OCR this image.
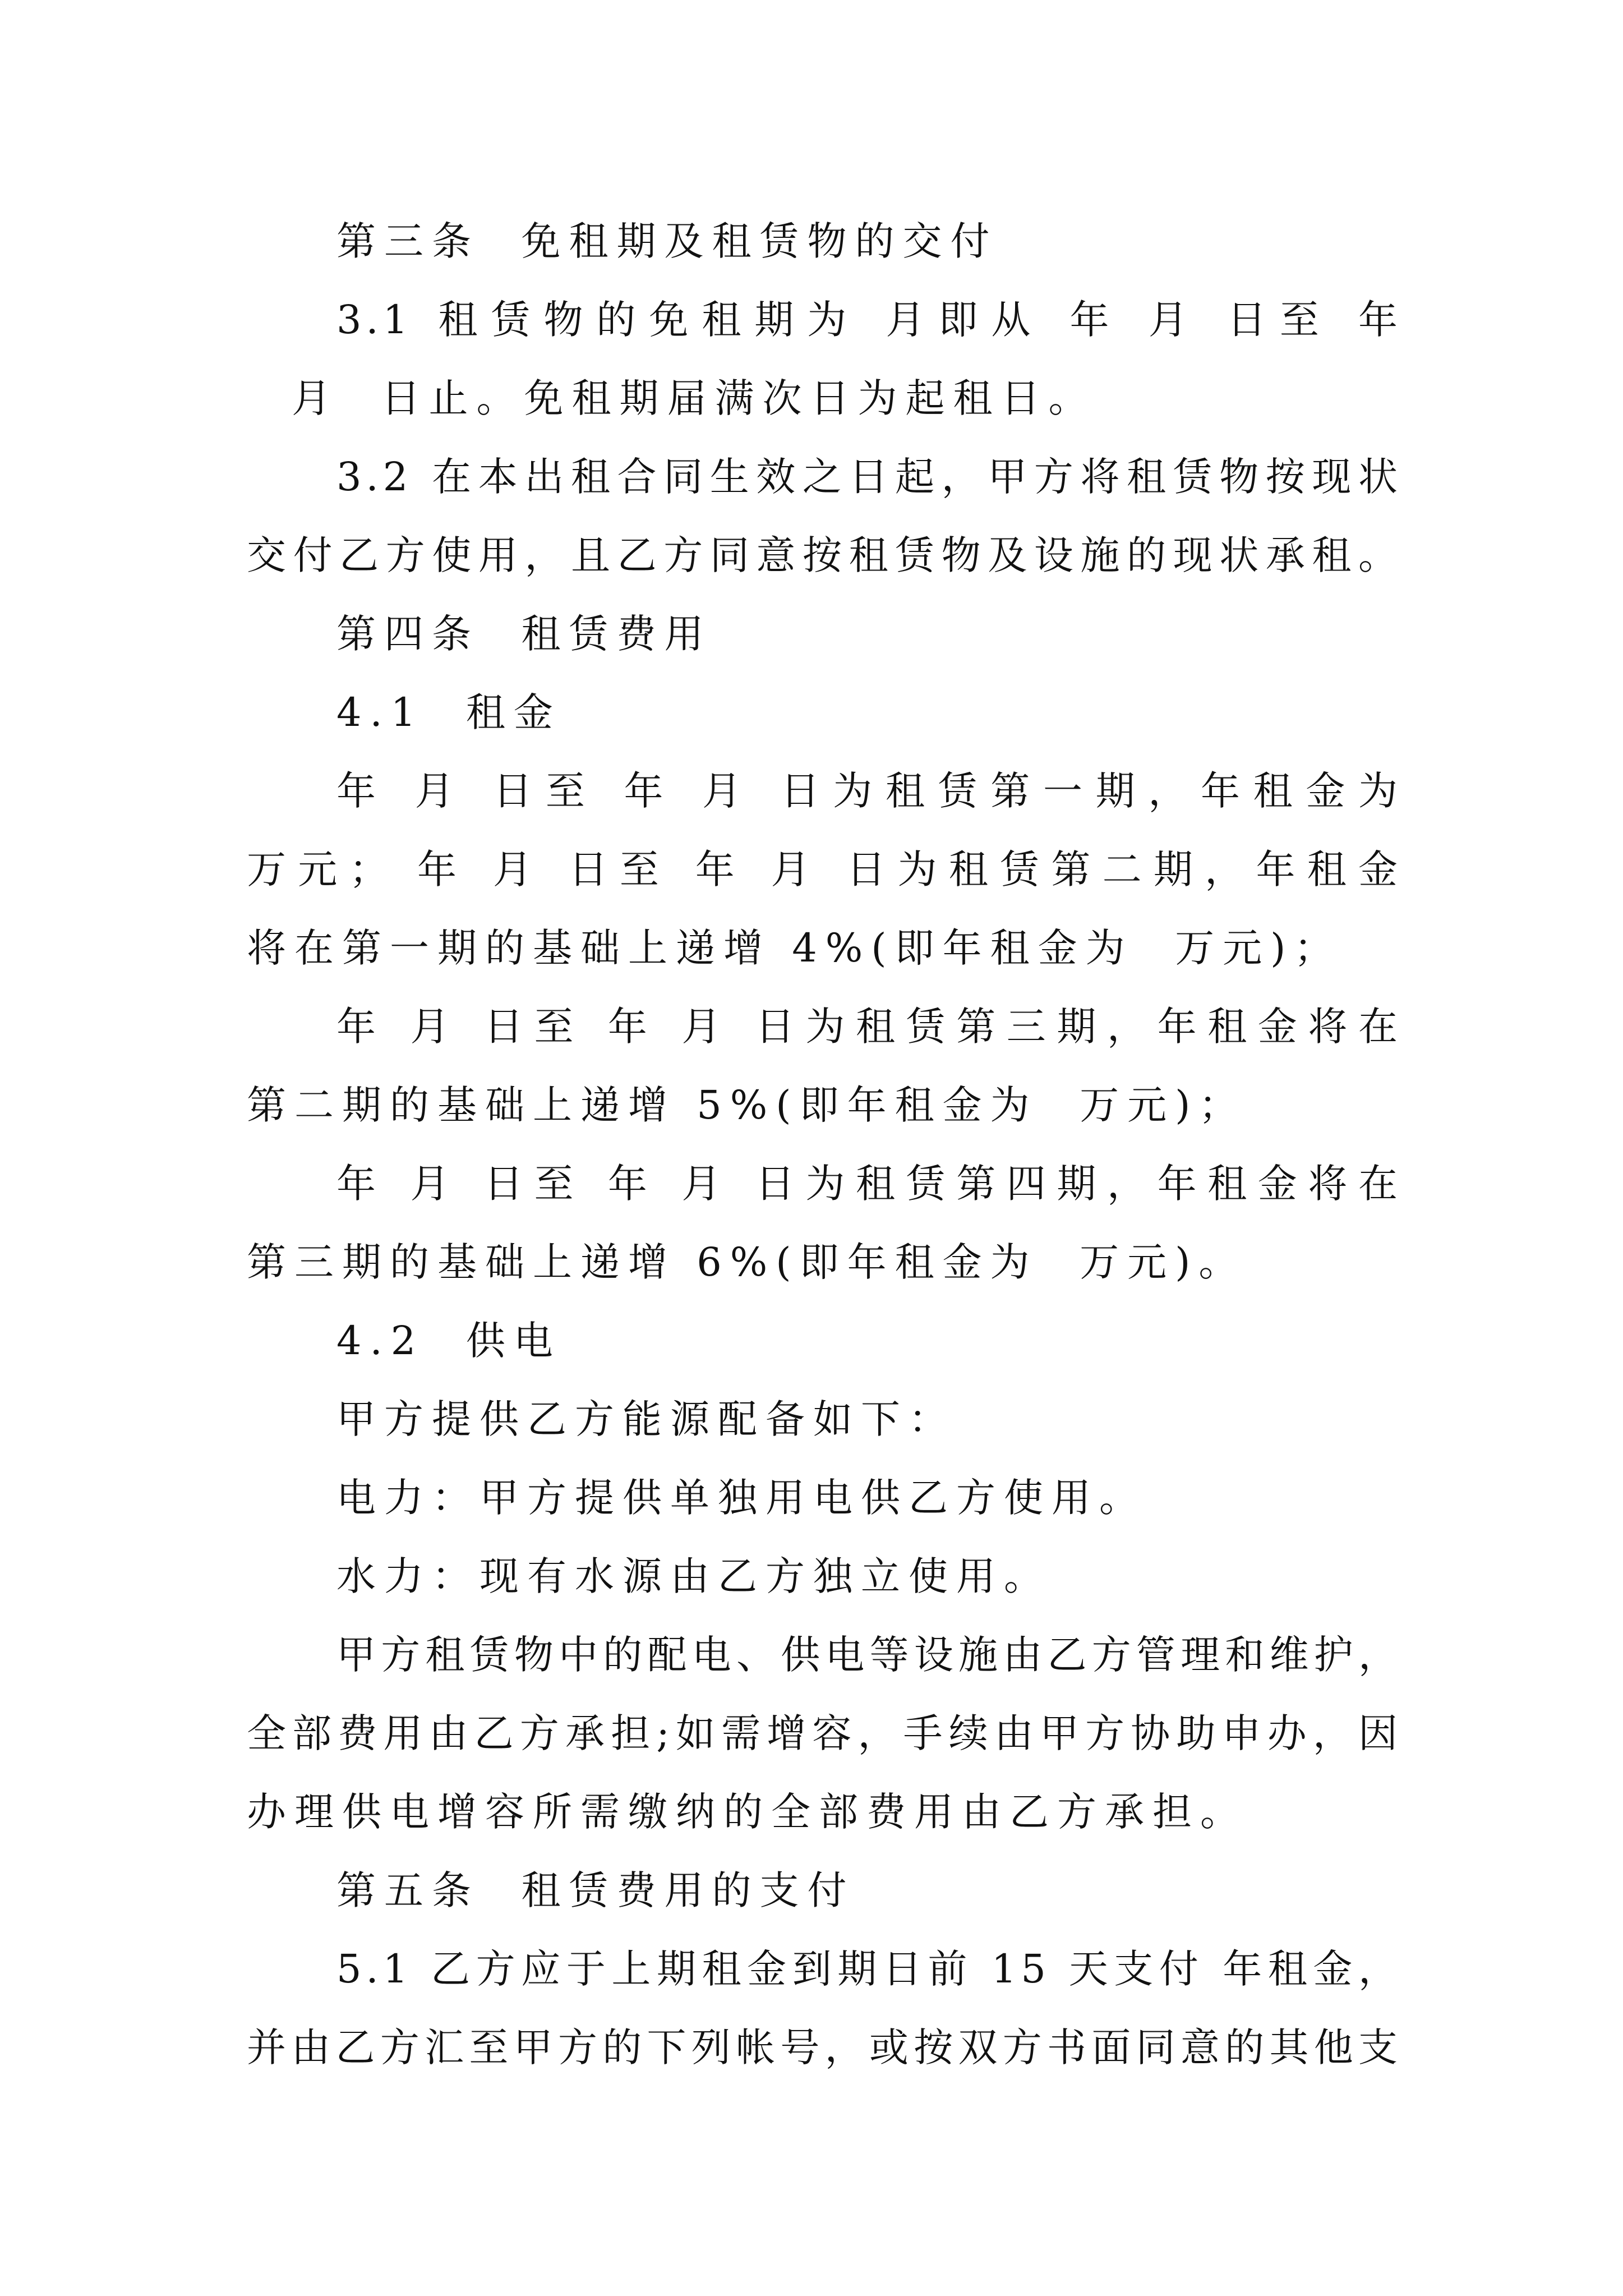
第三条  免租期及租赁物的交付
3.1 租赁物的免租期为 月即从 年 月 日至 年
月  日止。免租期届满次日为起租日。
3.2 在本出租合同生效之日起，甲方将租赁物按现状
交付乙方使用，且乙方同意按租赁物及设施的现状承租。
第四条  租赁费用
4.1  租金
年 月 日至 年 月 日为租赁第一期，年租金为
万元； 年 月 日至 年 月 日为租赁第二期，年租金
将在第一期的基础上递增 4%(即年租金为  万元)；
年 月 日至 年 月 日为租赁第三期，年租金将在
第二期的基础上递增 5%(即年租金为  万元)；
年 月 日至 年 月 日为租赁第四期，年租金将在
第三期的基础上递增 6%(即年租金为  万元)。
4.2  供电
甲方提供乙方能源配备如下：
电力：甲方提供单独用电供乙方使用。
水力：现有水源由乙方独立使用。
甲方租赁物中的配电、供电等设施由乙方管理和维护，
全部费用由乙方承担;如需增容，手续由甲方协助申办，因
办理供电增容所需缴纳的全部费用由乙方承担。
第五条  租赁费用的支付
5.1 乙方应于上期租金到期日前 15 天支付 年租金，
并由乙方汇至甲方的下列帐号，或按双方书面同意的其他支
